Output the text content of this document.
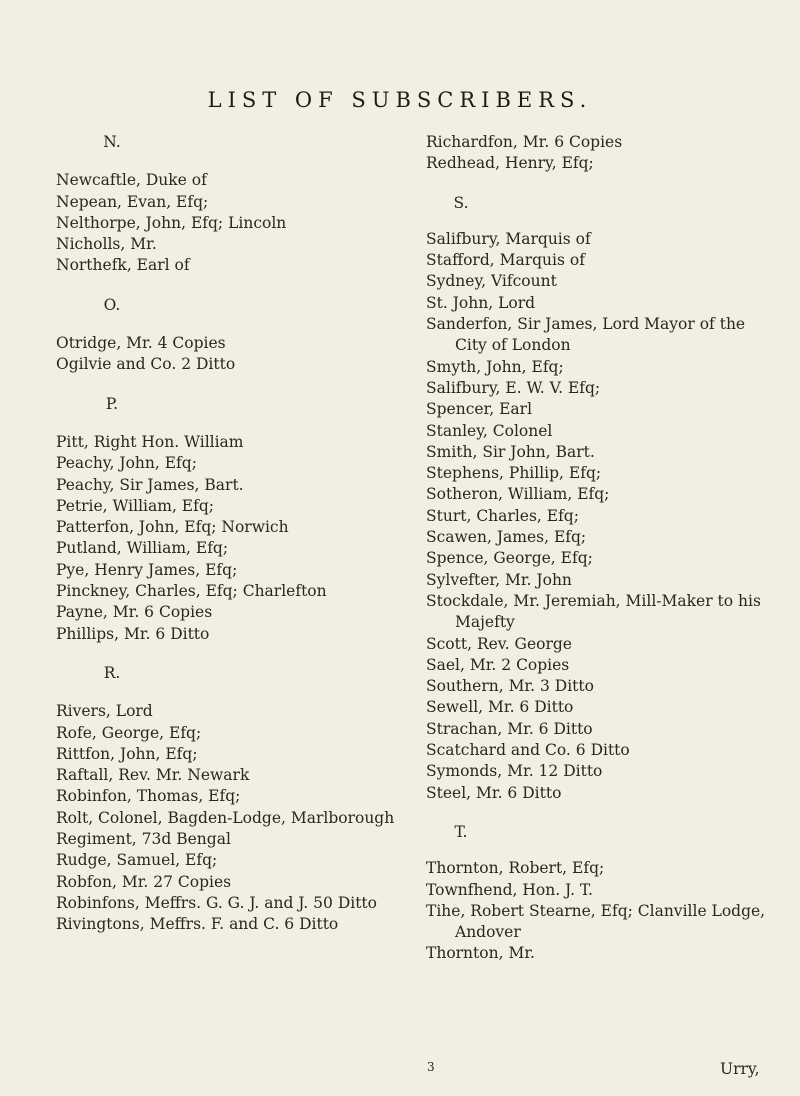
LIST OF SUBSCRIBERS.
N.
Newcaftle, Duke of
Nepean, Evan, Efq;
Nelthorpe, John, Efq; Lincoln
Nicholls, Mr.
Northefk, Earl of
O.
Otridge, Mr. 4 Copies
Ogilvie and Co. 2 Ditto
P.
Pitt, Right Hon. William
Peachy, John, Efq;
Peachy, Sir James, Bart.
Petrie, William, Efq;
Patterfon, John, Efq; Norwich
Putland, William, Efq;
Pye, Henry James, Efq;
Pinckney, Charles, Efq; Charlefton
Payne, Mr. 6 Copies
Phillips, Mr. 6 Ditto
R.
Rivers, Lord
Rofe, George, Efq;
Rittfon, John, Efq;
Raftall, Rev. Mr. Newark
Robinfon, Thomas, Efq;
Rolt, Colonel, Bagden-Lodge, Marlborough
Regiment, 73d Bengal
Rudge, Samuel, Efq;
Robfon, Mr. 27 Copies
Robinfons, Meffrs. G. G. J. and J. 50 Ditto
Rivingtons, Meffrs. F. and C. 6 Ditto
Richardfon, Mr. 6 Copies
Redhead, Henry, Efq;
S.
Salifbury, Marquis of
Stafford, Marquis of
Sydney, Vifcount
St. John, Lord
Sanderfon, Sir James, Lord Mayor of the
City of London
Smyth, John, Efq;
Salifbury, E. W. V. Efq;
Spencer, Earl
Stanley, Colonel
Smith, Sir John, Bart.
Stephens, Phillip, Efq;
Sotheron, William, Efq;
Sturt, Charles, Efq;
Scawen, James, Efq;
Spence, George, Efq;
Sylvefter, Mr. John
Stockdale, Mr. Jeremiah, Mill-Maker to his
Majefty
Scott, Rev. George
Sael, Mr. 2 Copies
Southern, Mr. 3 Ditto
Sewell, Mr. 6 Ditto
Strachan, Mr. 6 Ditto
Scatchard and Co. 6 Ditto
Symonds, Mr. 12 Ditto
Steel, Mr. 6 Ditto
T.
Thornton, Robert, Efq;
Townfhend, Hon. J. T.
Tihe, Robert Stearne, Efq; Clanville Lodge,
Andover
Thornton, Mr.
3	Urry,
